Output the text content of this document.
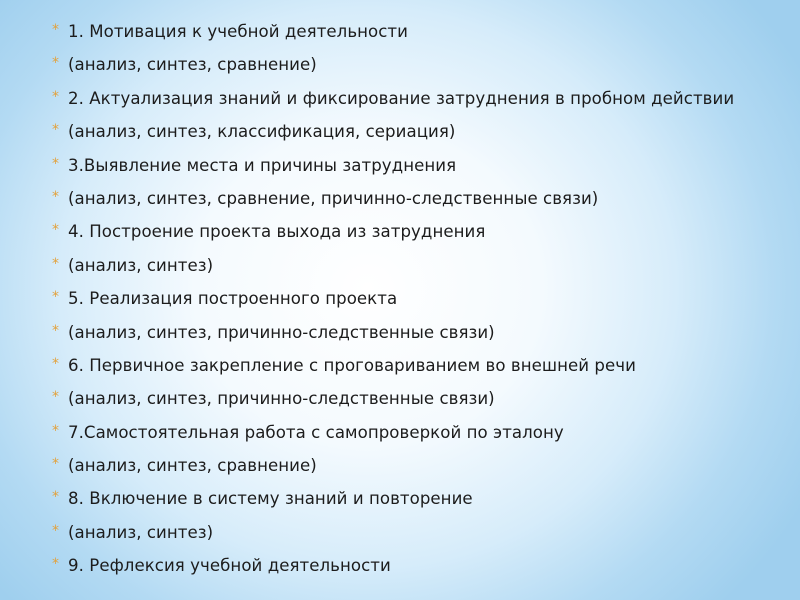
* 1. Мотивация к учебной деятельности
* (анализ, синтез, сравнение)
* 2. Актуализация знаний и фиксирование затруднения в пробном действии
* (анализ, синтез, классификация, сериация)
* 3.Выявление места и причины затруднения
* (анализ, синтез, сравнение, причинно-следственные связи)
* 4. Построение проекта выхода из затруднения
* (анализ, синтез)
* 5. Реализация построенного проекта
* (анализ, синтез, причинно-следственные связи)
* 6. Первичное закрепление с проговариванием во внешней речи
* (анализ, синтез, причинно-следственные связи)
* 7.Самостоятельная работа с самопроверкой по эталону
* (анализ, синтез, сравнение)
* 8. Включение в систему знаний и повторение
* (анализ, синтез)
* 9. Рефлексия учебной деятельности
